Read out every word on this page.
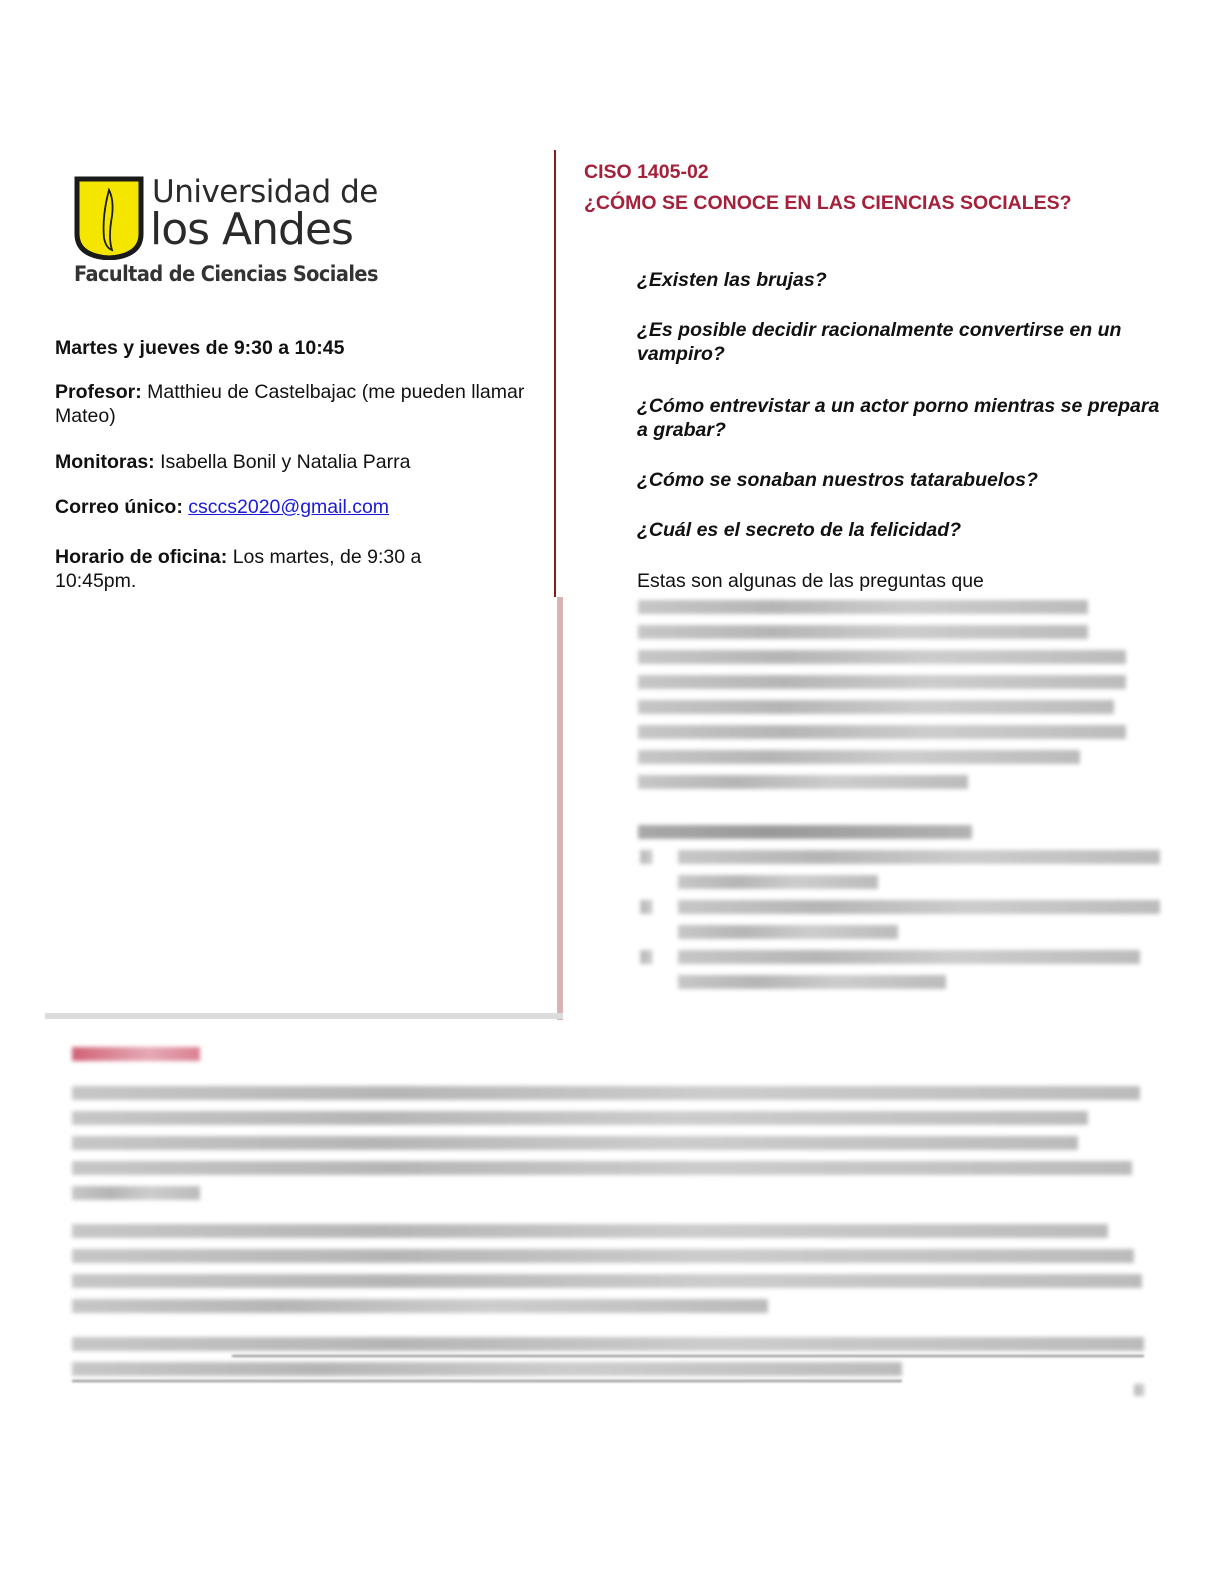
Universidad de
los Andes
Facultad de Ciencias Sociales
Martes y jueves de 9:30 a 10:45
Profesor: Matthieu de Castelbajac (me pueden llamar Mateo)
Monitoras: Isabella Bonil y Natalia Parra
Correo único: csccs2020@gmail.com
Horario de oficina: Los martes, de 9:30 a 10:45pm.
CISO 1405-02
¿CÓMO SE CONOCE EN LAS CIENCIAS SOCIALES?
¿Existen las brujas?
¿Es posible decidir racionalmente convertirse en un vampiro?
¿Cómo entrevistar a un actor porno mientras se prepara a grabar?
¿Cómo se sonaban nuestros tatarabuelos?
¿Cuál es el secreto de la felicidad?
Estas son algunas de las preguntas que
